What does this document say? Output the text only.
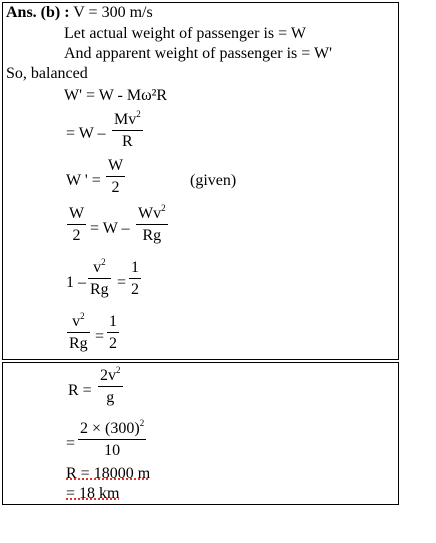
Ans. (b) : V = 300 m/s
Let actual weight of passenger is = W
And apparent weight of passenger is = W'
So, balanced
W' = W - Mω²R
= W –
Mv$^2$
R
W ' =
W
2	(given)
W
2 = W –
Wv$^2$
Rg
1 –
$v^2$
Rg =
1
2
$v^2$
Rg =
1
2
R =
$2v^2$
g
=
$2 \times (300)^2$
10
R = 18000 m
= 18 km
